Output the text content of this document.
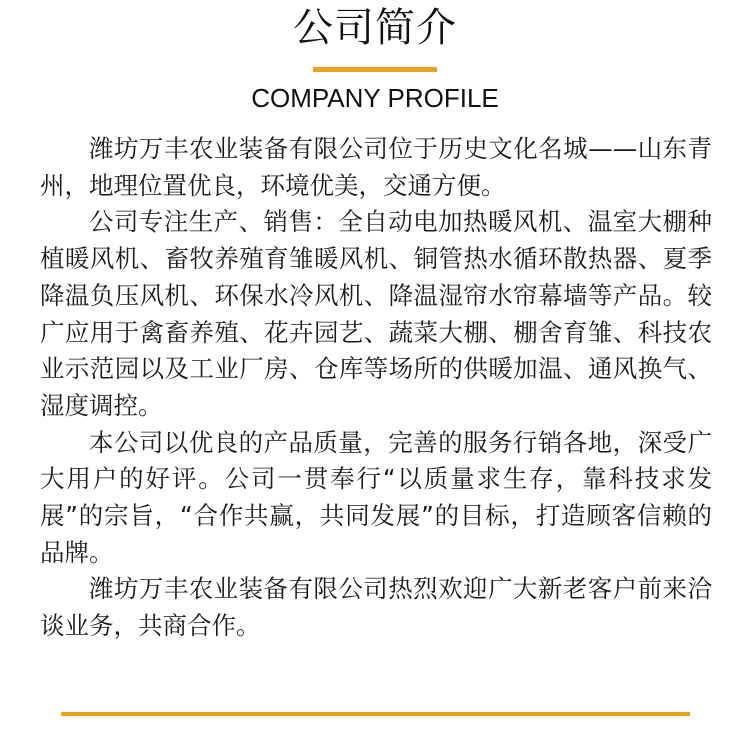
公司简介
COMPANY PROFILE

潍坊万丰农业装备有限公司位于历史文化名城——山东青州，地理位置优良，环境优美，交通方便。

公司专注生产、销售：全自动电加热暖风机、温室大棚种植暖风机、畜牧养殖育雏暖风机、铜管热水循环散热器、夏季降温负压风机、环保水冷风机、降温湿帘水帘幕墙等产品。较广应用于禽畜养殖、花卉园艺、蔬菜大棚、棚舍育雏、科技农业示范园以及工业厂房、仓库等场所的供暖加温、通风换气、湿度调控。

本公司以优良的产品质量，完善的服务行销各地，深受广大用户的好评。公司一贯奉行“以质量求生存，靠科技求发展”的宗旨，“合作共赢，共同发展”的目标，打造顾客信赖的品牌。

潍坊万丰农业装备有限公司热烈欢迎广大新老客户前来洽谈业务，共商合作。
